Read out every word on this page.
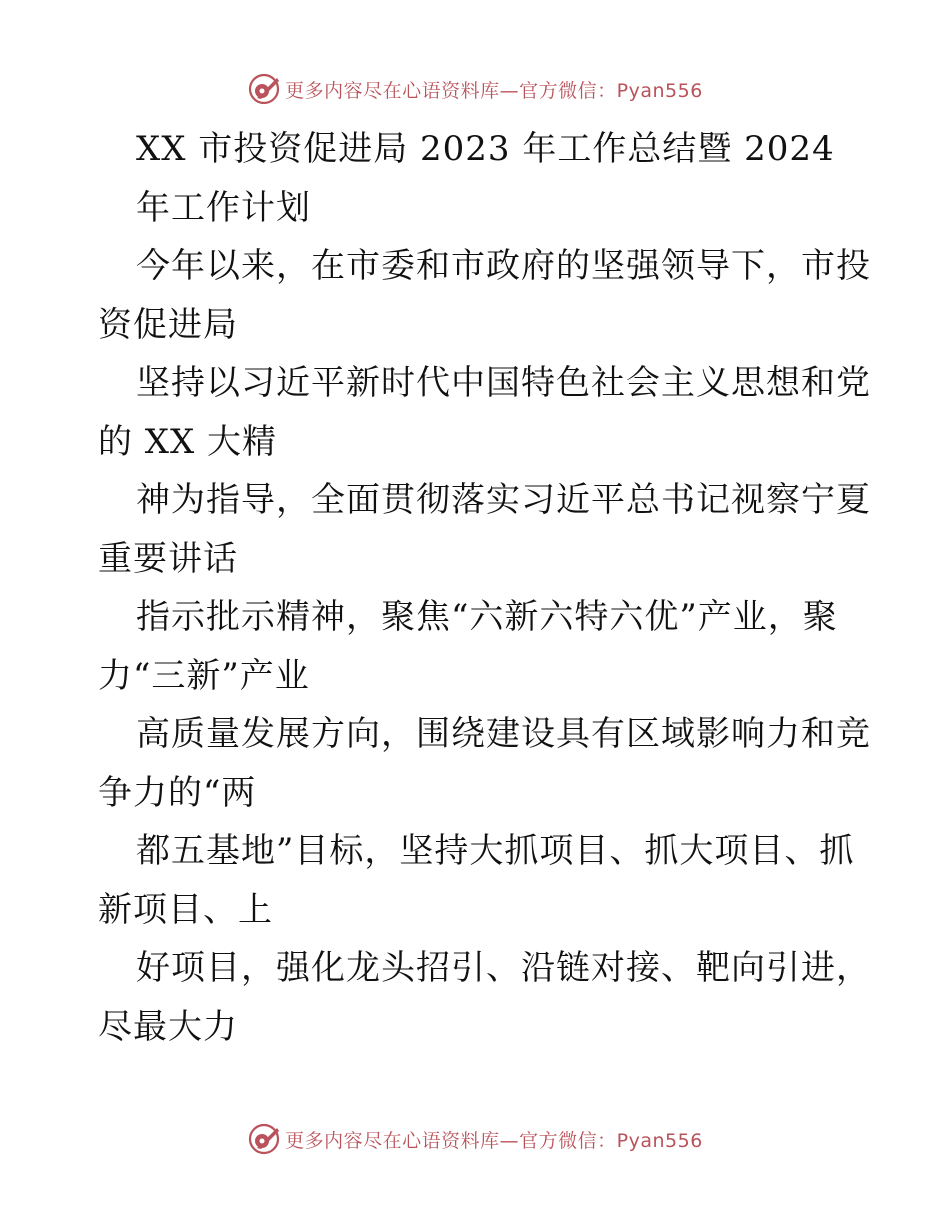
更多内容尽在心语资料库—官方微信：Pyan556
XX 市投资促进局 2023 年工作总结暨 2024
年工作计划
今年以来，在市委和市政府的坚强领导下，市投
资促进局
坚持以习近平新时代中国特色社会主义思想和党
的 XX 大精
神为指导，全面贯彻落实习近平总书记视察宁夏
重要讲话
指示批示精神，聚焦“六新六特六优”产业，聚
力“三新”产业
高质量发展方向，围绕建设具有区域影响力和竞
争力的“两
都五基地”目标，坚持大抓项目、抓大项目、抓
新项目、上
好项目，强化龙头招引、沿链对接、靶向引进，
尽最大力
更多内容尽在心语资料库—官方微信：Pyan556
